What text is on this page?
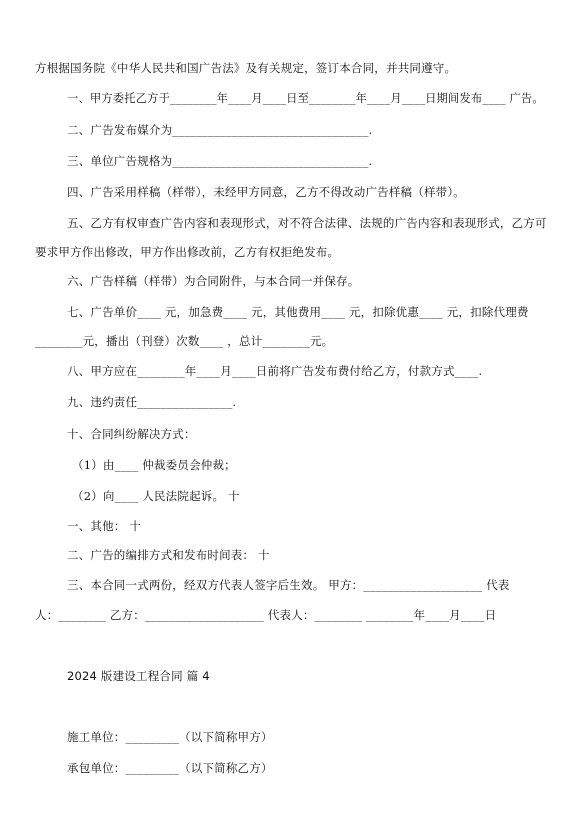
方根据国务院《中华人民共和国广告法》及有关规定，签订本合同，并共同遵守。
一、甲方委托乙方于________年____月____日至________年____月____日期间发布____ 广告。
二、广告发布媒介为_________________________________.
三、单位广告规格为_________________________________.
四、广告采用样稿（样带），未经甲方同意，乙方不得改动广告样稿（样带）。
五、乙方有权审查广告内容和表现形式，对不符合法律、法规的广告内容和表现形式，乙方可
要求甲方作出修改，甲方作出修改前，乙方有权拒绝发布。
六、广告样稿（样带）为合同附件，与本合同一并保存。
七、广告单价____ 元，加急费____ 元，其他费用____ 元，扣除优惠____ 元，扣除代理费
________元，播出（刊登）次数____ ，总计________元。
八、甲方应在________年____月____日前将广告发布费付给乙方，付款方式____.
九、违约责任________________.
十、合同纠纷解决方式：
（1）由____ 仲裁委员会仲裁；
（2）向____ 人民法院起诉。 十
一、其他： 十
二、广告的编排方式和发布时间表： 十
三、本合同一式两份，经双方代表人签字后生效。 甲方：____________________ 代表
人：________ 乙方：____________________ 代表人：________ ________年____月____日
2024 版建设工程合同 篇 4
施工单位：_________（以下简称甲方）
承包单位：_________（以下简称乙方）
